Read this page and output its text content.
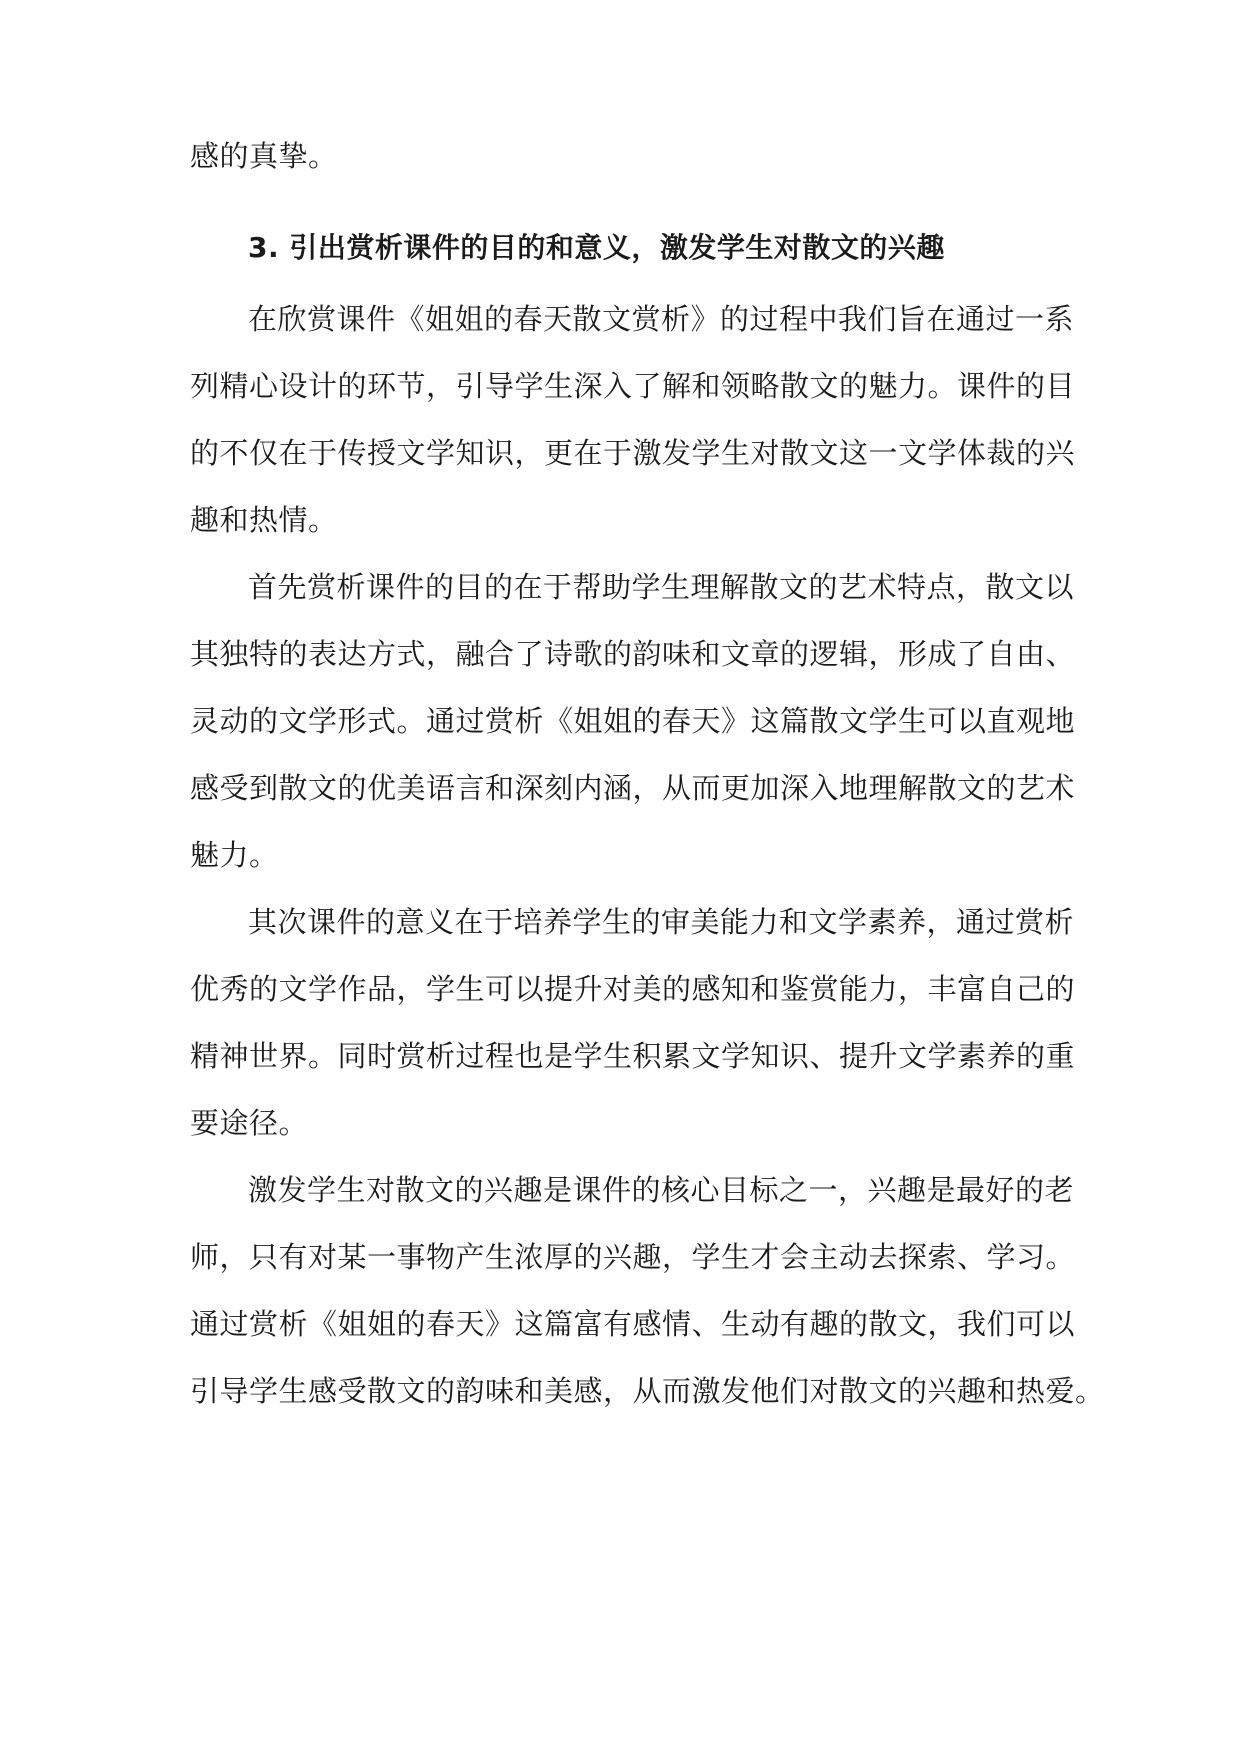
感的真挚。
3. 引出赏析课件的目的和意义，激发学生对散文的兴趣
在欣赏课件《姐姐的春天散文赏析》的过程中我们旨在通过一系
列精心设计的环节，引导学生深入了解和领略散文的魅力。课件的目
的不仅在于传授文学知识，更在于激发学生对散文这一文学体裁的兴
趣和热情。
首先赏析课件的目的在于帮助学生理解散文的艺术特点，散文以
其独特的表达方式，融合了诗歌的韵味和文章的逻辑，形成了自由、
灵动的文学形式。通过赏析《姐姐的春天》这篇散文学生可以直观地
感受到散文的优美语言和深刻内涵，从而更加深入地理解散文的艺术
魅力。
其次课件的意义在于培养学生的审美能力和文学素养，通过赏析
优秀的文学作品，学生可以提升对美的感知和鉴赏能力，丰富自己的
精神世界。同时赏析过程也是学生积累文学知识、提升文学素养的重
要途径。
激发学生对散文的兴趣是课件的核心目标之一，兴趣是最好的老
师，只有对某一事物产生浓厚的兴趣，学生才会主动去探索、学习。
通过赏析《姐姐的春天》这篇富有感情、生动有趣的散文，我们可以
引导学生感受散文的韵味和美感，从而激发他们对散文的兴趣和热爱。
